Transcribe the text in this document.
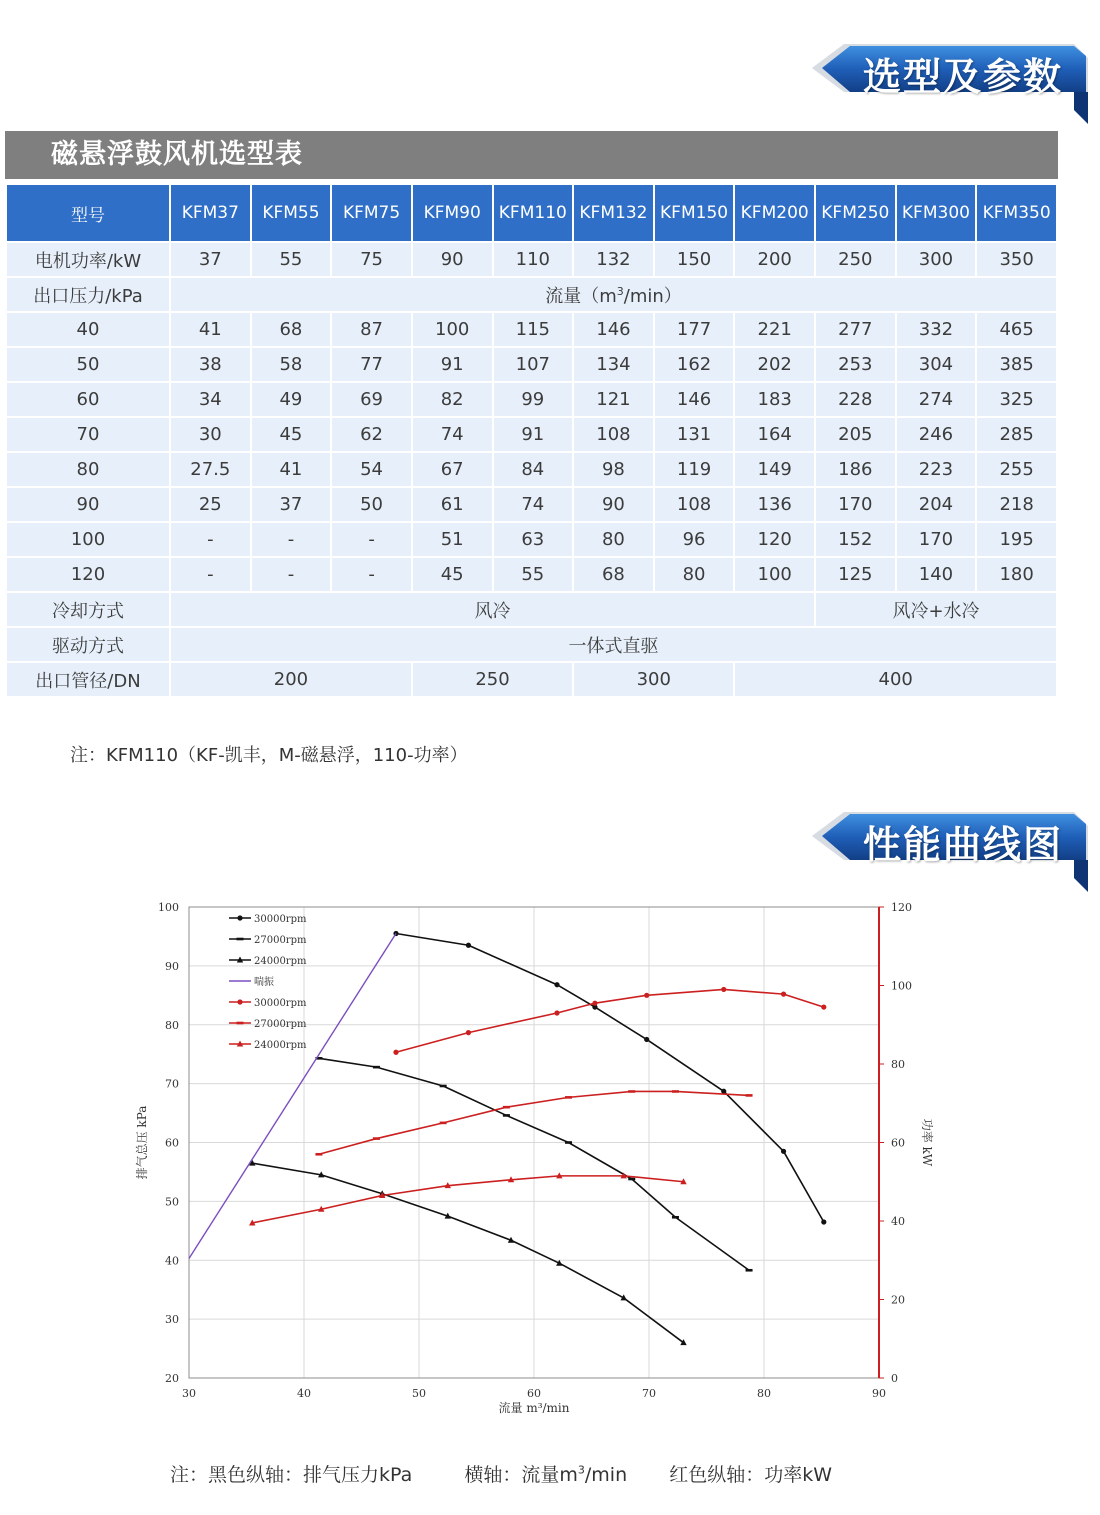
选型及参数
磁悬浮鼓风机选型表
型号	KFM37	KFM55	KFM75	KFM90	KFM110	KFM132	KFM150	KFM200	KFM250	KFM300	KFM350
电机功率/kW	37	55	75	90	110	132	150	200	250	300	350
出口压力/kPa	流量$(m^3/\min)$										
40	41	68	87	100	115	146	177	221	277	332	465
50	38	58	77	91	107	134	162	202	253	304	385
60	34	49	69	82	99	121	146	183	228	274	325
70	30	45	62	74	91	108	131	164	205	246	285
80	27.5	41	54	67	84	98	119	149	186	223	255
90	25	37	50	61	74	90	108	136	170	204	218
100	-	-	-	51	63	80	96	120	152	170	195
120	-	-	-	45	55	68	80	100	125	140	180
冷却方式	风冷								风冷+水冷		
驱动方式	一体式直驱										
出口管径/DN	200			250		300		400			
注：KFM110（KF-凯丰，M-磁悬浮，110-功率）
性能曲线图
30	40	50	60	70	80	90
20
30
40
50
60
70
80
90
100
0
20
40
60
80
100
120
流量 m³/min
排气总压 kPa	功率 kW
30000rpm
27000rpm
24000rpm
喘振
30000rpm
27000rpm
24000rpm
注：黑色纵轴：排气压力kPa	横轴：流量$m^3/\min$ 红色纵轴：功率kW
